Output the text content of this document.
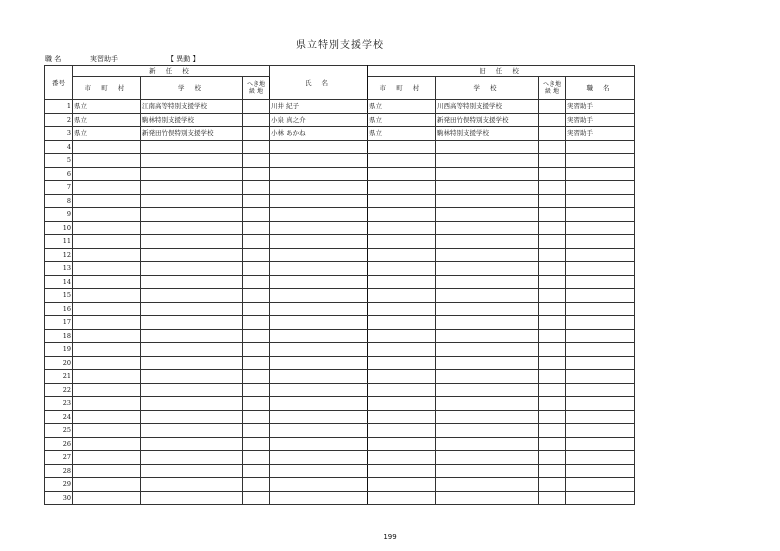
県立特別支援学校
職 名	実習助手	【 異動 】
番号	新 任 校			氏 名	旧 任 校			
	市 町 村	学 校	へき地 級 地		市 町 村	学 校	へき地 級 地	職 名
1	県立	江南高等特別支援学校		川井 紀子	県立	川西高等特別支援学校		実習助手
2	県立	駒林特別支援学校		小泉 真之介	県立	新発田竹俣特別支援学校		実習助手
3	県立	新発田竹俣特別支援学校		小林 あかね	県立	駒林特別支援学校		実習助手
4								
5								
6								
7								
8								
9								
10								
11								
12								
13								
14								
15								
16								
17								
18								
19								
20								
21								
22								
23								
24								
25								
26								
27								
28								
29								
30								
199
